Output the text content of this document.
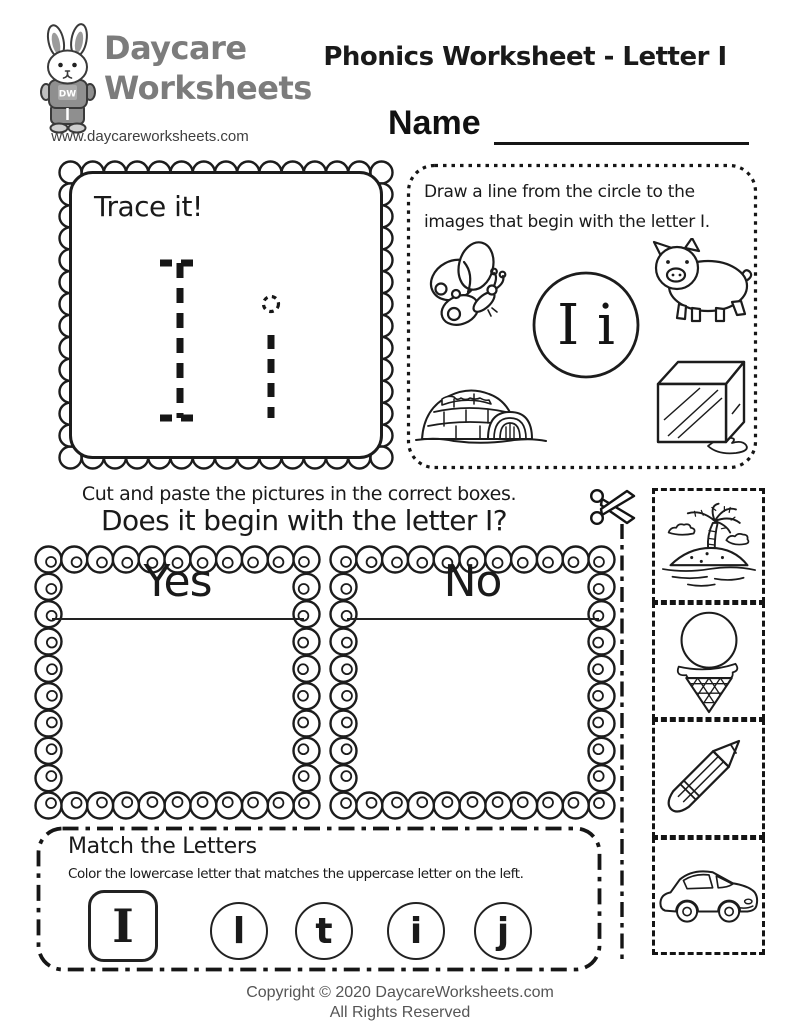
DW
Daycare
Worksheets
www.daycareworksheets.com
Phonics Worksheet - Letter I
Name
Trace it!	Draw a line from the circle to the
images that begin with the letter I.
I i
Cut and paste the pictures in the correct boxes.
Does it begin with the letter I?
Yes	No
Match the Letters
Color the lowercase letter that matches the uppercase letter on the left.
I	l t i j
Copyright © 2020 DaycareWorksheets.com
All Rights Reserved
